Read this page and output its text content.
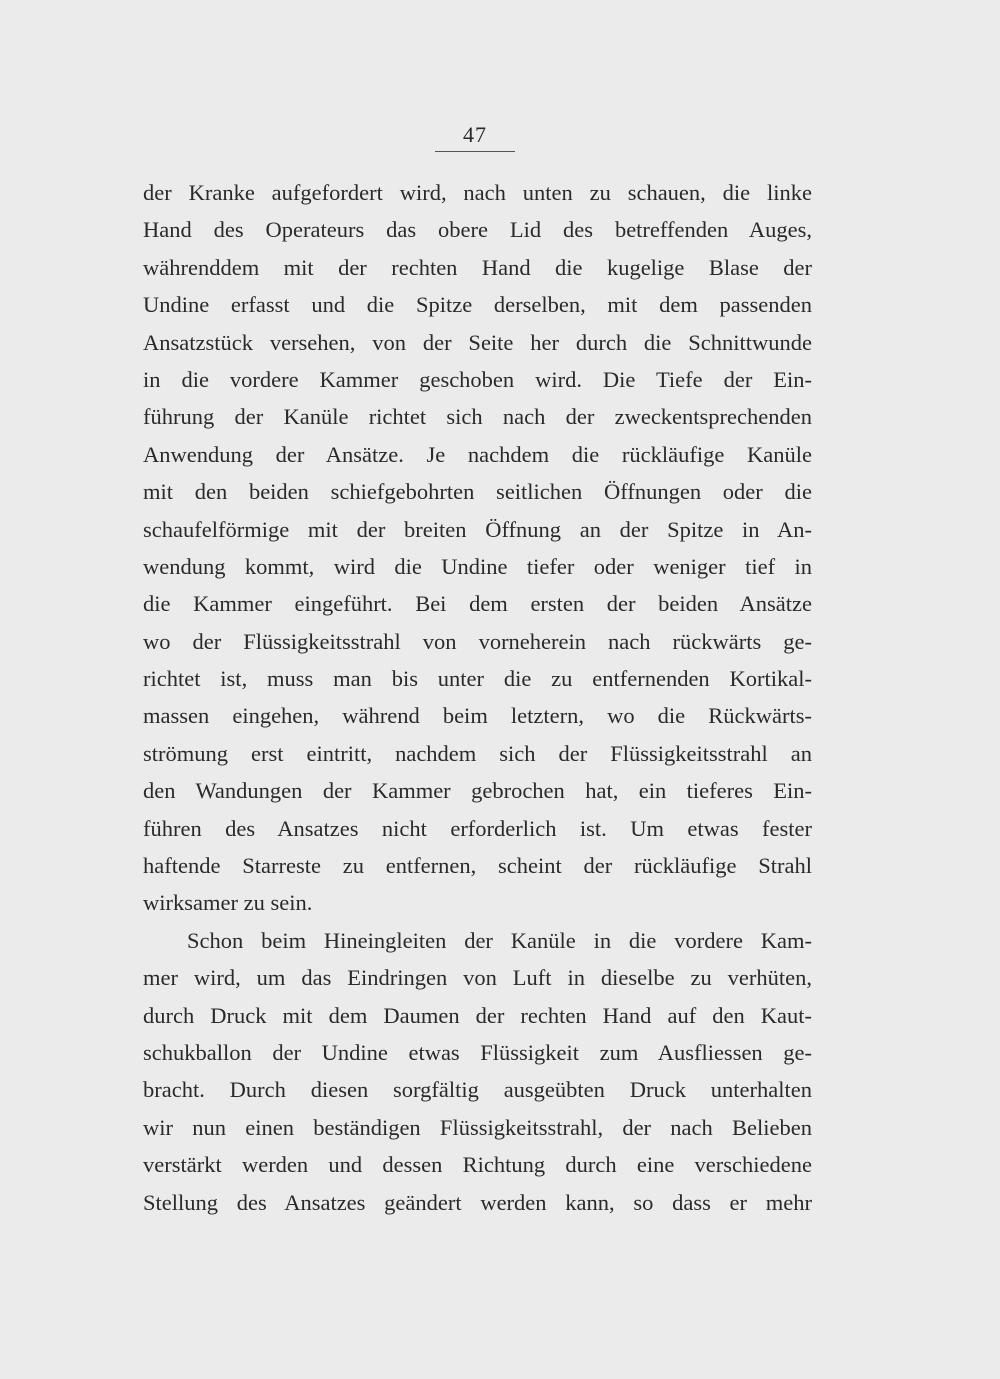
47
der Kranke aufgefordert wird, nach unten zu schauen, die linke
Hand des Operateurs das obere Lid des betreffenden Auges,
währenddem mit der rechten Hand die kugelige Blase der
Undine erfasst und die Spitze derselben, mit dem passenden
Ansatzstück versehen, von der Seite her durch die Schnittwunde
in die vordere Kammer geschoben wird. Die Tiefe der Ein-
führung der Kanüle richtet sich nach der zweckentsprechenden
Anwendung der Ansätze. Je nachdem die rückläufige Kanüle
mit den beiden schiefgebohrten seitlichen Öffnungen oder die
schaufelförmige mit der breiten Öffnung an der Spitze in An-
wendung kommt, wird die Undine tiefer oder weniger tief in
die Kammer eingeführt. Bei dem ersten der beiden Ansätze
wo der Flüssigkeitsstrahl von vorneherein nach rückwärts ge-
richtet ist, muss man bis unter die zu entfernenden Kortikal-
massen eingehen, während beim letztern, wo die Rückwärts-
strömung erst eintritt, nachdem sich der Flüssigkeitsstrahl an
den Wandungen der Kammer gebrochen hat, ein tieferes Ein-
führen des Ansatzes nicht erforderlich ist. Um etwas fester
haftende Starreste zu entfernen, scheint der rückläufige Strahl
wirksamer zu sein.
Schon beim Hineingleiten der Kanüle in die vordere Kam-
mer wird, um das Eindringen von Luft in dieselbe zu verhüten,
durch Druck mit dem Daumen der rechten Hand auf den Kaut-
schukballon der Undine etwas Flüssigkeit zum Ausfliessen ge-
bracht. Durch diesen sorgfältig ausgeübten Druck unterhalten
wir nun einen beständigen Flüssigkeitsstrahl, der nach Belieben
verstärkt werden und dessen Richtung durch eine verschiedene
Stellung des Ansatzes geändert werden kann, so dass er mehr
